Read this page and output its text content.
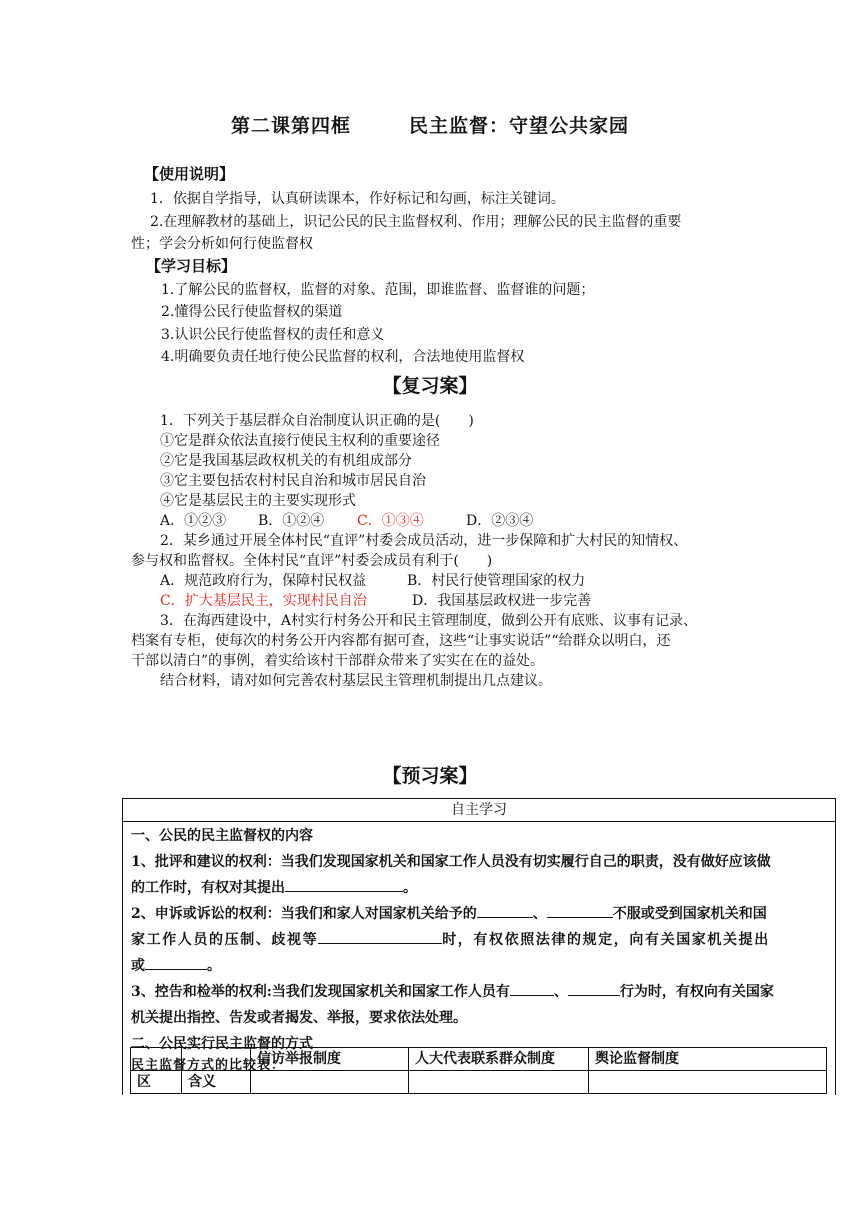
第二课第四框	民主监督：守望公共家园
【使用说明】
1．依据自学指导，认真研读课本，作好标记和勾画，标注关键词。
2.在理解教材的基础上，识记公民的民主监督权利、作用；理解公民的民主监督的重要
性；学会分析如何行使监督权
【学习目标】
1.了解公民的监督权，监督的对象、范围，即谁监督、监督谁的问题；
2.懂得公民行使监督权的渠道
3.认识公民行使监督权的责任和意义
4.明确要负责任地行使公民监督的权利，合法地使用监督权
【复习案】
1．下列关于基层群众自治制度认识正确的是(　　)
①它是群众依法直接行使民主权利的重要途径
②它是我国基层政权机关的有机组成部分
③它主要包括农村村民自治和城市居民自治
④它是基层民主的主要实现形式
A．①②③ B．①②④ C．①③④	D．②③④
2．某乡通过开展全体村民“直评”村委会成员活动，进一步保障和扩大村民的知情权、
参与权和监督权。全体村民“直评”村委会成员有利于(　　)
A．规范政府行为，保障村民权益	B．村民行使管理国家的权力
C．扩大基层民主，实现村民自治	D．我国基层政权进一步完善
3．在海西建设中，A村实行村务公开和民主管理制度，做到公开有底账、议事有记录、
档案有专柜，使每次的村务公开内容都有据可查，这些“让事实说话”“给群众以明白，还
干部以清白”的事例，着实给该村干部群众带来了实实在在的益处。
结合材料，请对如何完善农村基层民主管理机制提出几点建议。
【预习案】
自主学习
一、公民的民主监督权的内容
1、批评和建议的权利：当我们发现国家机关和国家工作人员没有切实履行自己的职责，没有做好应该做
的工作时，有权对其提出	。
2、申诉或诉讼的权利：当我们和家人对国家机关给予的	、	不服或受到国家机关和国
家工作人员的压制、歧视等	时，有权依照法律的规定，向有关国家机关提出
或	。
3、控告和检举的权利:当我们发现国家机关和国家工作人员有	、	行为时，有权向有关国家
机关提出指控、告发或者揭发、举报，要求依法处理。
二、公民实行民主监督的方式
民主监督方式的比较表：
		信访举报制度	人大代表联系群众制度	舆论监督制度
区	含义			
